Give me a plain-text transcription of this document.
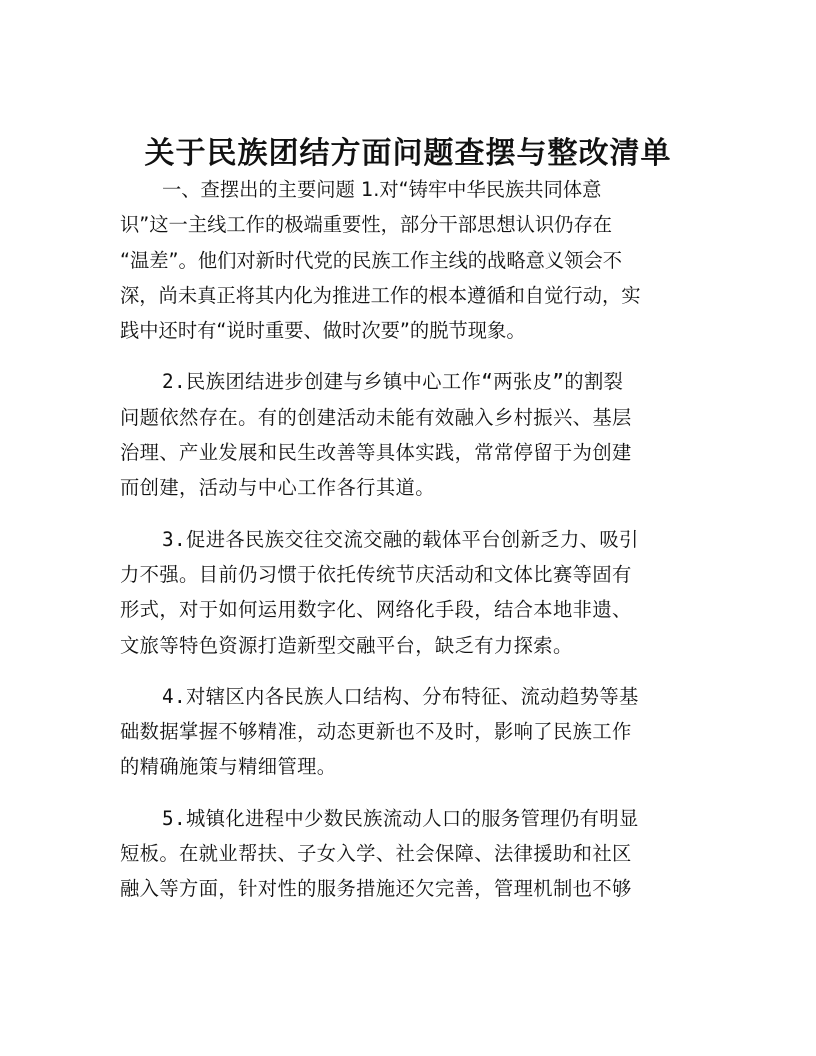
关于民族团结方面问题查摆与整改清单

一、查摆出的主要问题 1.对“铸牢中华民族共同体意
识”这一主线工作的极端重要性，部分干部思想认识仍存在
“温差”。他们对新时代党的民族工作主线的战略意义领会不
深，尚未真正将其内化为推进工作的根本遵循和自觉行动，实
践中还时有“说时重要、做时次要”的脱节现象。

2.民族团结进步创建与乡镇中心工作“两张皮”的割裂
问题依然存在。有的创建活动未能有效融入乡村振兴、基层
治理、产业发展和民生改善等具体实践，常常停留于为创建
而创建，活动与中心工作各行其道。

3.促进各民族交往交流交融的载体平台创新乏力、吸引
力不强。目前仍习惯于依托传统节庆活动和文体比赛等固有
形式，对于如何运用数字化、网络化手段，结合本地非遗、
文旅等特色资源打造新型交融平台，缺乏有力探索。

4.对辖区内各民族人口结构、分布特征、流动趋势等基
础数据掌握不够精准，动态更新也不及时，影响了民族工作
的精确施策与精细管理。

5.城镇化进程中少数民族流动人口的服务管理仍有明显
短板。在就业帮扶、子女入学、社会保障、法律援助和社区
融入等方面，针对性的服务措施还欠完善，管理机制也不够
